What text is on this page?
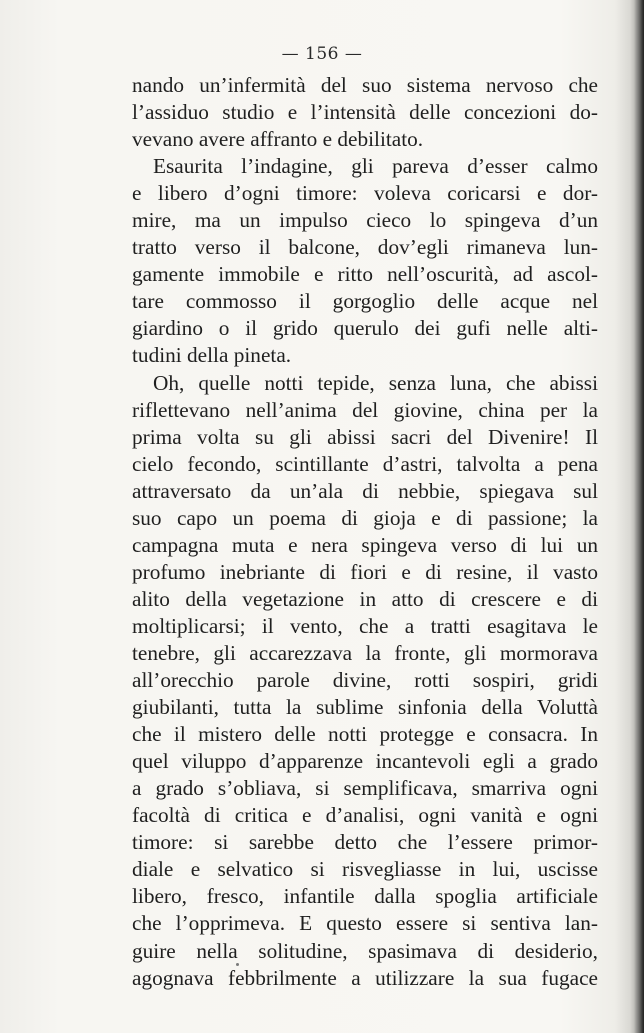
— 156 —
nando un’infermità del suo sistema nervoso che
l’assiduo studio e l’intensità delle concezioni do-
vevano avere affranto e debilitato.
Esaurita l’indagine, gli pareva d’esser calmo
e libero d’ogni timore: voleva coricarsi e dor-
mire, ma un impulso cieco lo spingeva d’un
tratto verso il balcone, dov’egli rimaneva lun-
gamente immobile e ritto nell’oscurità, ad ascol-
tare commosso il gorgoglio delle acque nel
giardino o il grido querulo dei gufi nelle alti-
tudini della pineta.
Oh, quelle notti tepide, senza luna, che abissi
riflettevano nell’anima del giovine, china per la
prima volta su gli abissi sacri del Divenire! Il
cielo fecondo, scintillante d’astri, talvolta a pena
attraversato da un’ala di nebbie, spiegava sul
suo capo un poema di gioja e di passione; la
campagna muta e nera spingeva verso di lui un
profumo inebriante di fiori e di resine, il vasto
alito della vegetazione in atto di crescere e di
moltiplicarsi; il vento, che a tratti esagitava le
tenebre, gli accarezzava la fronte, gli mormorava
all’orecchio parole divine, rotti sospiri, gridi
giubilanti, tutta la sublime sinfonia della Voluttà
che il mistero delle notti protegge e consacra. In
quel viluppo d’apparenze incantevoli egli a grado
a grado s’obliava, si semplificava, smarriva ogni
facoltà di critica e d’analisi, ogni vanità e ogni
timore: si sarebbe detto che l’essere primor-
diale e selvatico si risvegliasse in lui, uscisse
libero, fresco, infantile dalla spoglia artificiale
che l’opprimeva. E questo essere si sentiva lan-
guire nella solitudine, spasimava di desiderio,
agognava febbrilmente a utilizzare la sua fugace
